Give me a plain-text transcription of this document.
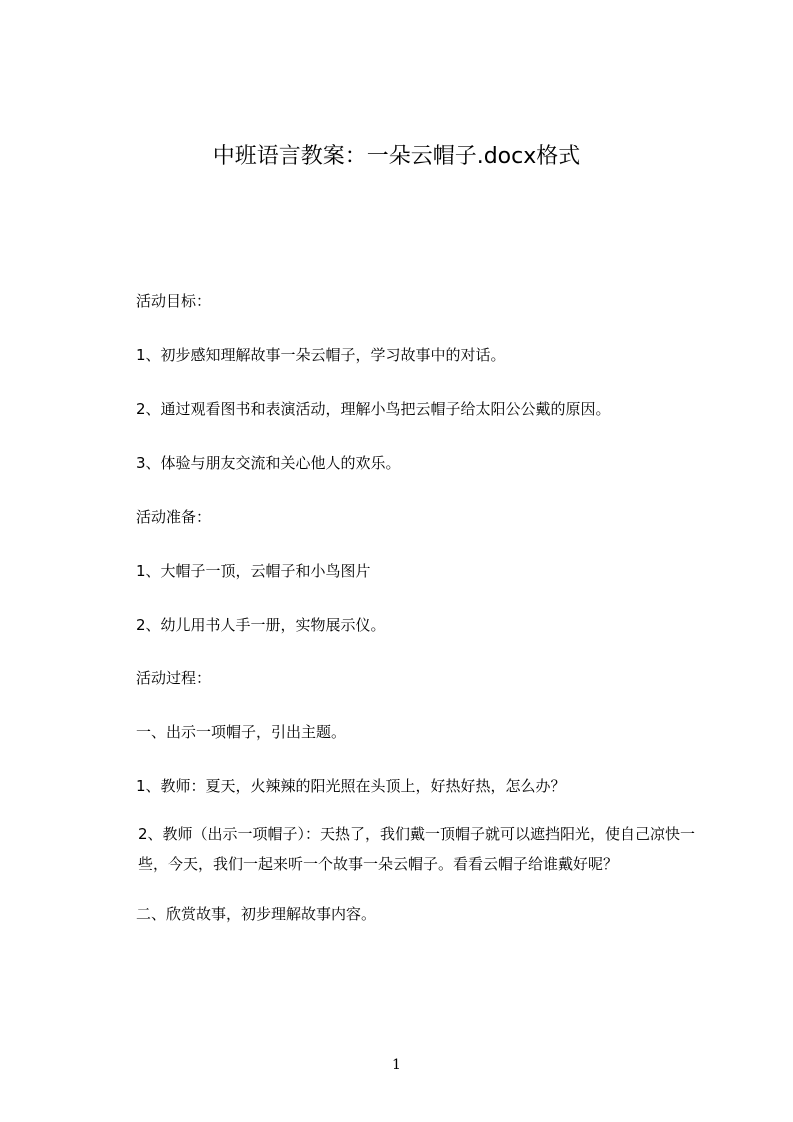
中班语言教案：一朵云帽子.docx格式
活动目标：
1、初步感知理解故事一朵云帽子，学习故事中的对话。
2、通过观看图书和表演活动，理解小鸟把云帽子给太阳公公戴的原因。
3、体验与朋友交流和关心他人的欢乐。
活动准备：
1、大帽子一顶，云帽子和小鸟图片
2、幼儿用书人手一册，实物展示仪。
活动过程：
一、出示一项帽子，引出主题。
1、教师：夏天，火辣辣的阳光照在头顶上，好热好热，怎么办？
2、教师（出示一项帽子）：天热了，我们戴一顶帽子就可以遮挡阳光，使自己凉快一些，今天，我们一起来听一个故事一朵云帽子。看看云帽子给谁戴好呢？
二、欣赏故事，初步理解故事内容。
1
